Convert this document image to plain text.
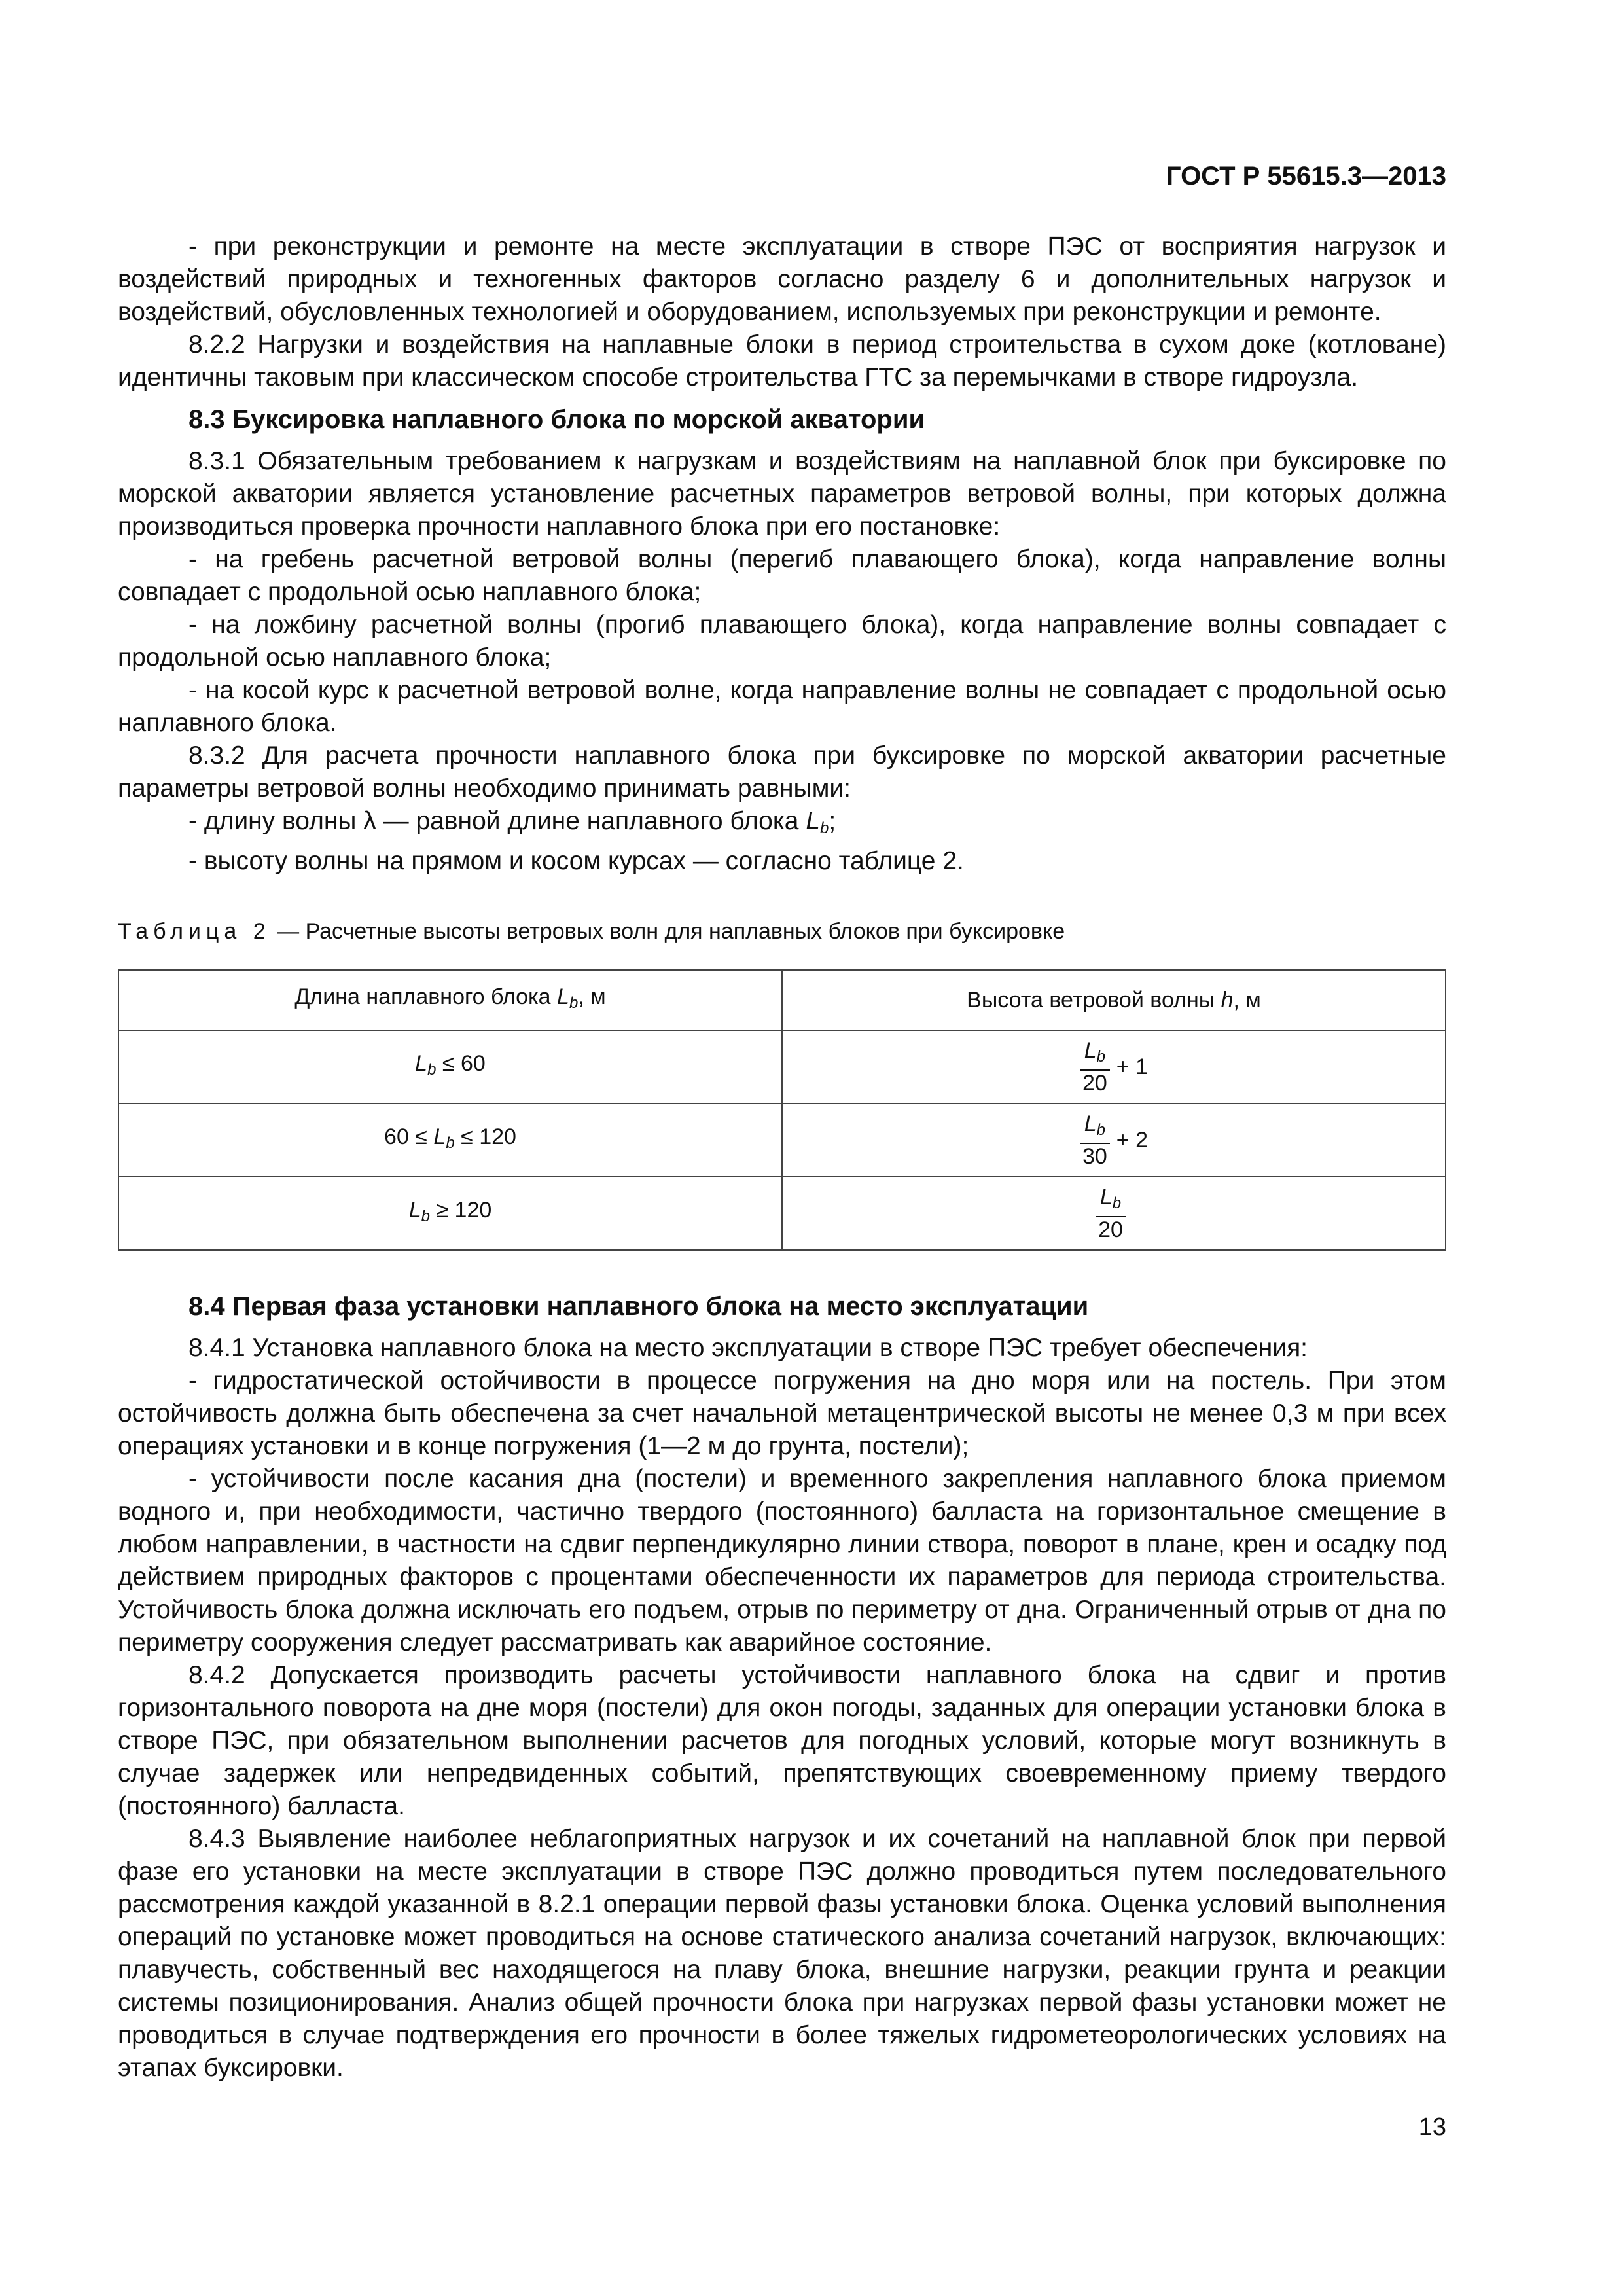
ГОСТ Р 55615.3—2013

- при реконструкции и ремонте на месте эксплуатации в створе ПЭС от восприятия нагрузок и воздействий природных и техногенных факторов согласно разделу 6 и дополнительных нагрузок и воздействий, обусловленных технологией и оборудованием, используемых при реконструкции и ремонте.

8.2.2 Нагрузки и воздействия на наплавные блоки в период строительства в сухом доке (котловане) идентичны таковым при классическом способе строительства ГТС за перемычками в створе гидроузла.

8.3 Буксировка наплавного блока по морской акватории

8.3.1 Обязательным требованием к нагрузкам и воздействиям на наплавной блок при буксировке по морской акватории является установление расчетных параметров ветровой волны, при которых должна производиться проверка прочности наплавного блока при его постановке:

- на гребень расчетной ветровой волны (перегиб плавающего блока), когда направление волны совпадает с продольной осью наплавного блока;

- на ложбину расчетной волны (прогиб плавающего блока), когда направление волны совпадает с продольной осью наплавного блока;

- на косой курс к расчетной ветровой волне, когда направление волны не совпадает с продольной осью наплавного блока.

8.3.2 Для расчета прочности наплавного блока при буксировке по морской акватории расчетные параметры ветровой волны необходимо принимать равными:

- длину волны λ — равной длине наплавного блока $L_b$;

- высоту волны на прямом и косом курсах — согласно таблице 2.

Таблица 2 — Расчетные высоты ветровых волн для наплавных блоков при буксировке
Длина наплавного блока $L_b$, м	Высота ветровой волны h, м
$L_b \le 60$	$\frac{L_b}{20} + 1$
$60 \le L_b \le 120$	$\frac{L_b}{30} + 2$
$L_b \ge 120$	$\frac{L_b}{20}$
8.4 Первая фаза установки наплавного блока на место эксплуатации

8.4.1 Установка наплавного блока на место эксплуатации в створе ПЭС требует обеспечения:

- гидростатической остойчивости в процессе погружения на дно моря или на постель. При этом остойчивость должна быть обеспечена за счет начальной метацентрической высоты не менее 0,3 м при всех операциях установки и в конце погружения (1—2 м до грунта, постели);

- устойчивости после касания дна (постели) и временного закрепления наплавного блока приемом водного и, при необходимости, частично твердого (постоянного) балласта на горизонтальное смещение в любом направлении, в частности на сдвиг перпендикулярно линии створа, поворот в плане, крен и осадку под действием природных факторов с процентами обеспеченности их параметров для периода строительства. Устойчивость блока должна исключать его подъем, отрыв по периметру от дна. Ограниченный отрыв от дна по периметру сооружения следует рассматривать как аварийное состояние.

8.4.2 Допускается производить расчеты устойчивости наплавного блока на сдвиг и против горизонтального поворота на дне моря (постели) для окон погоды, заданных для операции установки блока в створе ПЭС, при обязательном выполнении расчетов для погодных условий, которые могут возникнуть в случае задержек или непредвиденных событий, препятствующих своевременному приему твердого (постоянного) балласта.

8.4.3 Выявление наиболее неблагоприятных нагрузок и их сочетаний на наплавной блок при первой фазе его установки на месте эксплуатации в створе ПЭС должно проводиться путем последовательного рассмотрения каждой указанной в 8.2.1 операции первой фазы установки блока. Оценка условий выполнения операций по установке может проводиться на основе статического анализа сочетаний нагрузок, включающих: плавучесть, собственный вес находящегося на плаву блока, внешние нагрузки, реакции грунта и реакции системы позиционирования. Анализ общей прочности блока при нагрузках первой фазы установки может не проводиться в случае подтверждения его прочности в более тяжелых гидрометеорологических условиях на этапах буксировки.

13
